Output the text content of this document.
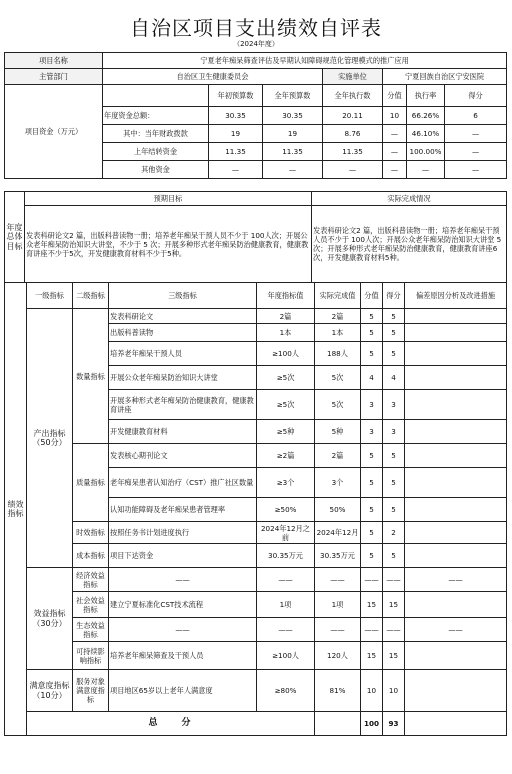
自治区项目支出绩效自评表
（2024年度）
项目名称	宁夏老年痴呆筛查评估及早期认知障碍规范化管理模式的推广应用						
主管部门	自治区卫生健康委员会			实施单位	宁夏回族自治区宁安医院		
项目资金（万元）		年初预算数	全年预算数	全年执行数	分值	执行率	得分
	年度资金总额：	30.35	30.35	20.11	10	66.26%	6
	其中：当年财政拨款	19	19	8.76	—	46.10%	—
	上年结转资金	11.35	11.35	11.35	—	100.00%	—
	其他资金	—	—	—	—	—	—
年度总体目标	预期目标	实际完成情况
	发表科研论文2 篇，出版科普读物一册；培养老年痴呆干预人员不少于 100人次；开展公众老年痴呆防治知识大讲堂，不少于 5 次；开展多种形式老年痴呆防治健康教育，健康教育讲座不少于5次，开发健康教育材料不少于5种。	发表科研论文2 篇，出版科普读物一册；培养老年痴呆干预人员不少于 100人次；开展公众老年痴呆防治知识大讲堂 5 次；开展多种形式老年痴呆防治健康教育，健康教育讲座6次，开发健康教育材料5种。
绩效指标	一级指标	二级指标	三级指标	年度指标值	实际完成值	分值	得分	偏差原因分析及改进措施
	产出指标（50分）	数量指标	发表科研论文	2篇	2篇	5	5	
			出版科普读物	1本	1本	5	5	
			培养老年痴呆干预人员	≥100人	188人	5	5	
			开展公众老年痴呆防治知识大讲堂	≥5次	5次	4	4	
			开展多种形式老年痴呆防治健康教育，健康教育讲座	≥5次	5次	3	3	
			开发健康教育材料	≥5种	5种	3	3	
		质量指标	发表核心期刊论文	≥2篇	2篇	5	5	
			老年痴呆患者认知治疗（CST）推广社区数量	≥3个	3个	5	5	
			认知功能障碍及老年痴呆患者管理率	≥50%	50%	5	5	
		时效指标	按照任务书计划进度执行	2024年12月之前	2024年12月	5	2	
		成本指标	项目下达资金	30.35万元	30.35万元	5	5	
	效益指标（30分）	经济效益指标	——	——	——	——	——	——
		社会效益指标	建立宁夏标准化CST技术流程	1项	1项	15	15	
		生态效益指标	——	——	——	——	——	——
		可持续影响指标	培养老年痴呆筛查及干预人员	≥100人	120人	15	15	
	满意度指标（10分）	服务对象满意度指标	项目地区65岁以上老年人满意度	≥80%	81%	10	10	
	总　　分					100	93	
